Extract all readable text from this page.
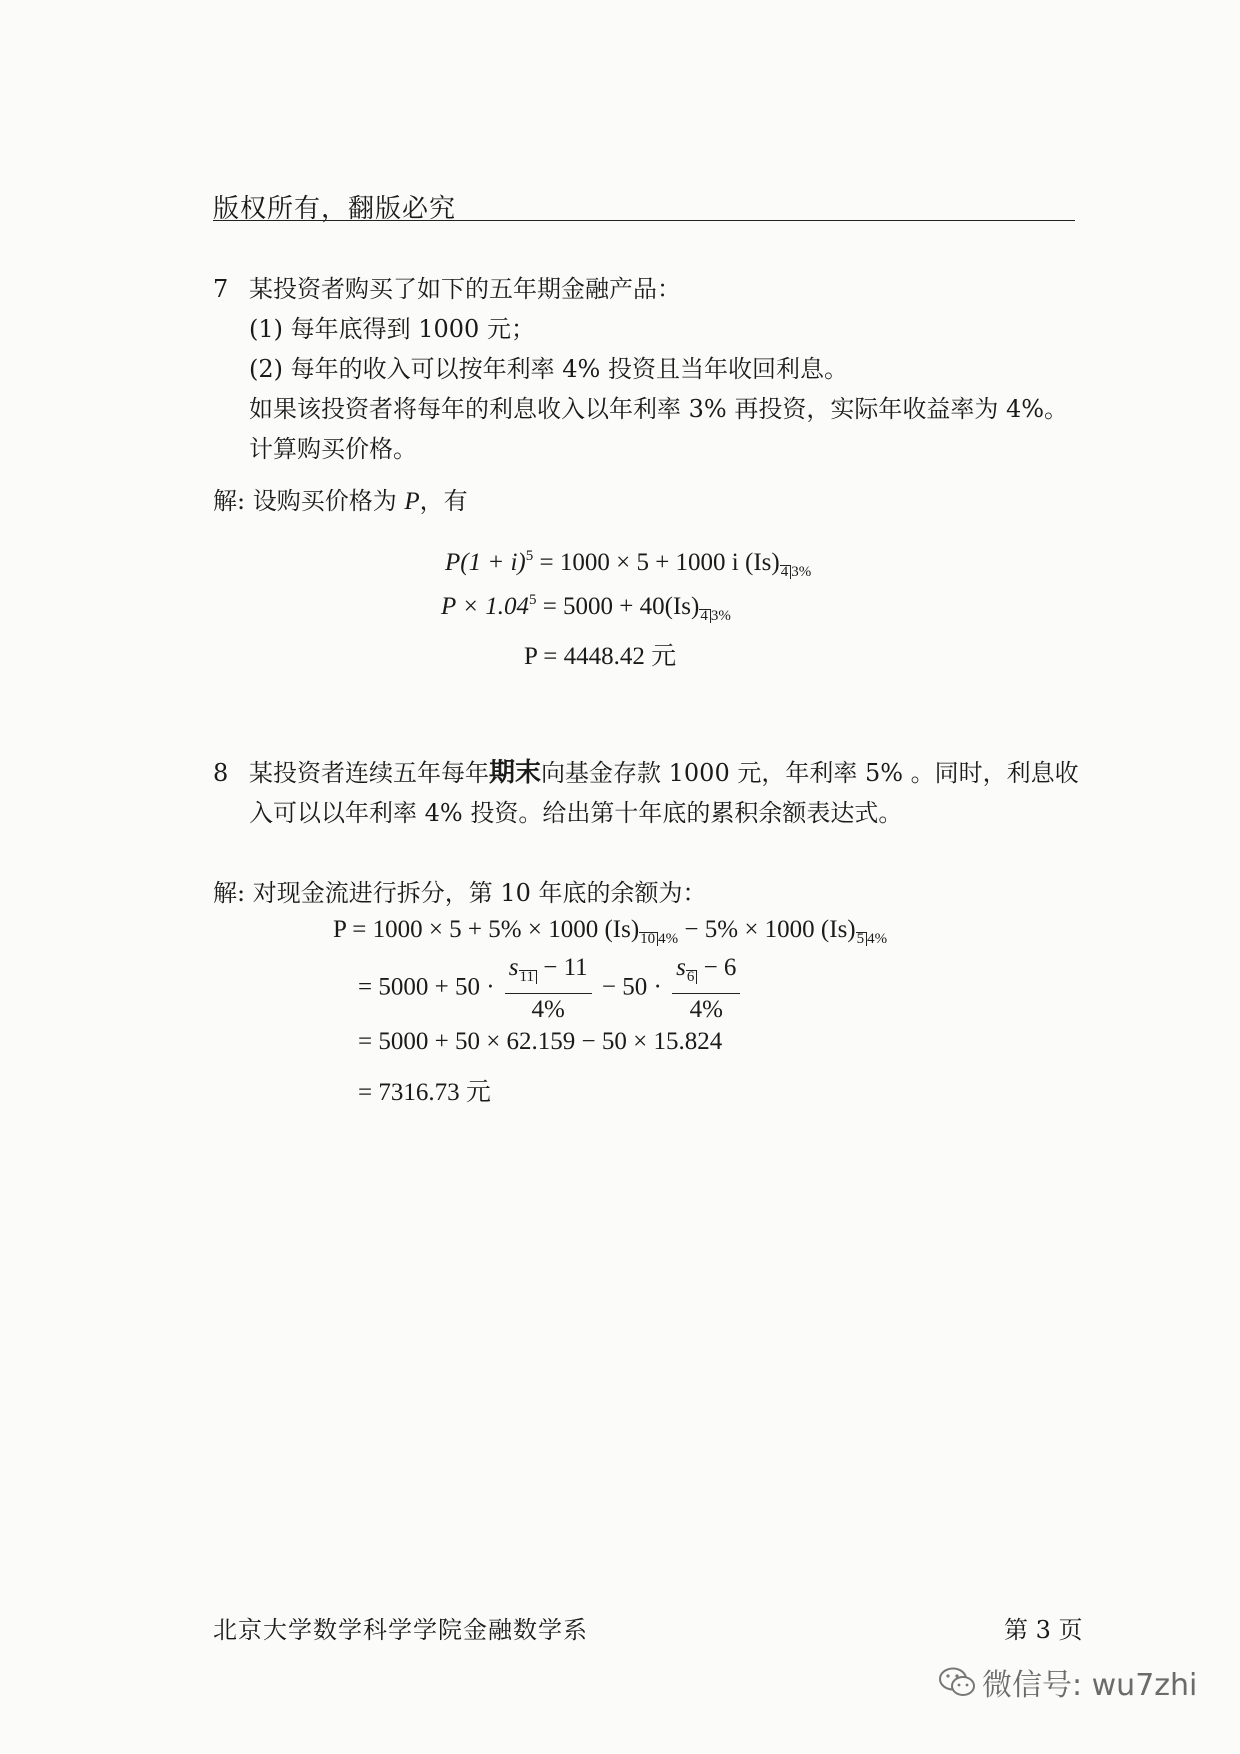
版权所有，翻版必究
7 某投资者购买了如下的五年期金融产品：
(1) 每年底得到 1000 元；
(2) 每年的收入可以按年利率 4% 投资且当年收回利息。
如果该投资者将每年的利息收入以年利率 3% 再投资，实际年收益率为 4%。
计算购买价格。
解: 设购买价格为 P，有
$P(1 + i)^5 = 1000 \times 5 + 1000$ i $(Is)_{4 3\%}$
$P \times 1.04^5 = 5000 + 40(Is)_{4 3\%}$
P = 4448.42 元
8 某投资者连续五年每年期末向基金存款 1000 元，年利率 5% 。同时，利息收
入可以以年利率 4% 投资。给出第十年底的累积余额表达式。
解: 对现金流进行拆分，第 10 年底的余额为：
P = 1000 × 5 + 5% × 1000 $(Is)_{10 4\%} - 5\% \times 1000$ $(Is)_{5 4\%}$
= $5000 + 50 \cdot \frac{s_{11} - 11}{4\%} - 50 \cdot \frac{s_6 - 6}{4\%}$
= 5000 + 50 × 62.159 − 50 × 15.824
= 7316.73 元
北京大学数学科学学院金融数学系	第 3 页
微信号: wu7zhi
